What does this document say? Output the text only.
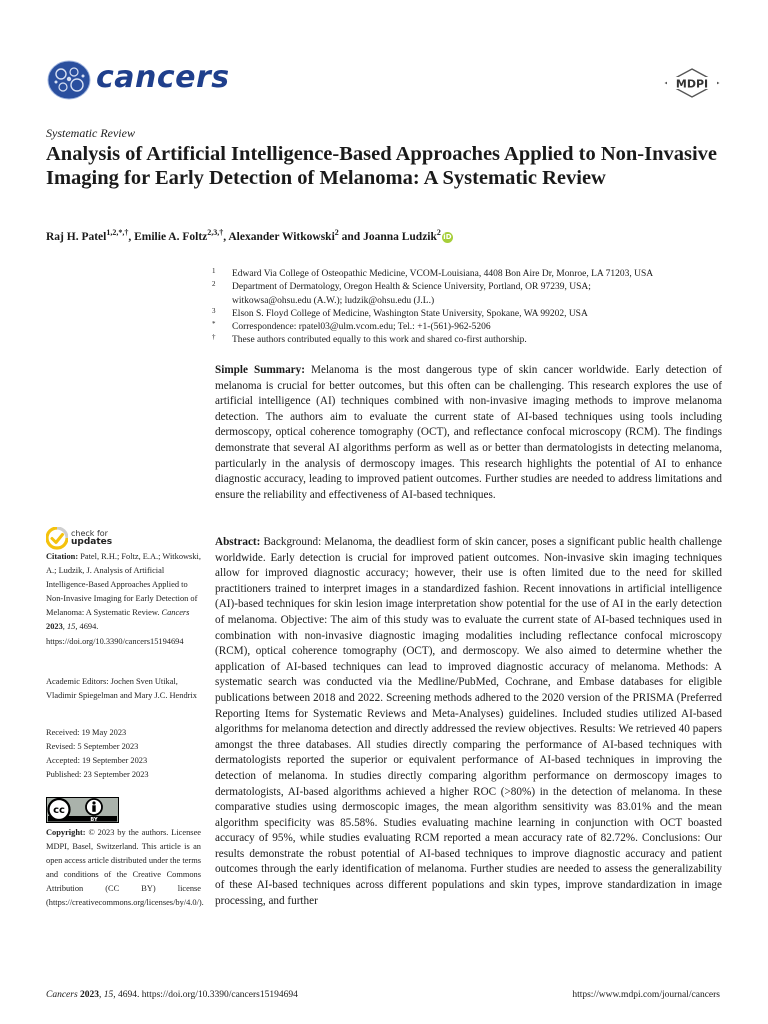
cancers	MDPI
Systematic Review
Analysis of Artificial Intelligence-Based Approaches Applied to Non-Invasive Imaging for Early Detection of Melanoma: A Systematic Review
Raj H. Patel$^{1,2,*,\dagger}$, Emilie A. Foltz$^{2,3,\dagger}$, Alexander Witkowski$^2$ and Joanna Ludzik$^2$ iD
1 Edward Via College of Osteopathic Medicine, VCOM-Louisiana, 4408 Bon Aire Dr, Monroe, LA 71203, USA
2 Department of Dermatology, Oregon Health & Science University, Portland, OR 97239, USA;
witkowsa@ohsu.edu (A.W.); ludzik@ohsu.edu (J.L.)
3 Elson S. Floyd College of Medicine, Washington State University, Spokane, WA 99202, USA
* Correspondence: rpatel03@ulm.vcom.edu; Tel.: +1-(561)-962-5206
† These authors contributed equally to this work and shared co-first authorship.

Simple Summary: Melanoma is the most dangerous type of skin cancer worldwide. Early detection of melanoma is crucial for better outcomes, but this often can be challenging. This research explores the use of artificial intelligence (AI) techniques combined with non-invasive imaging methods to improve melanoma detection. The authors aim to evaluate the current state of AI-based techniques using tools including dermoscopy, optical coherence tomography (OCT), and reflectance confocal microscopy (RCM). The findings demonstrate that several AI algorithms perform as well as or better than dermatologists in detecting melanoma, particularly in the analysis of dermoscopy images. This research highlights the potential of AI to enhance diagnostic accuracy, leading to improved patient outcomes. Further studies are needed to address limitations and ensure the reliability and effectiveness of AI-based techniques.

check for
updates
Citation: Patel, R.H.; Foltz, E.A.; Witkowski, A.; Ludzik, J. Analysis of Artificial Intelligence-Based Approaches Applied to Non-Invasive Imaging for Early Detection of Melanoma: A Systematic Review. Cancers 2023, 15, 4694. https://doi.org/10.3390/cancers15194694
Academic Editors: Jochen Sven Utikal, Vladimir Spiegelman and Mary J.C. Hendrix
Received: 19 May 2023
Revised: 5 September 2023
Accepted: 19 September 2023
Published: 23 September 2023
cc
BY
Copyright: © 2023 by the authors. Licensee MDPI, Basel, Switzerland. This article is an open access article distributed under the terms and conditions of the Creative Commons Attribution (CC BY) license (https://creativecommons.org/licenses/by/4.0/).

Abstract: Background: Melanoma, the deadliest form of skin cancer, poses a significant public health challenge worldwide. Early detection is crucial for improved patient outcomes. Non-invasive skin imaging techniques allow for improved diagnostic accuracy; however, their use is often limited due to the need for skilled practitioners trained to interpret images in a standardized fashion. Recent innovations in artificial intelligence (AI)-based techniques for skin lesion image interpretation show potential for the use of AI in the early detection of melanoma. Objective: The aim of this study was to evaluate the current state of AI-based techniques used in combination with non-invasive diagnostic imaging modalities including reflectance confocal microscopy (RCM), optical coherence tomography (OCT), and dermoscopy. We also aimed to determine whether the application of AI-based techniques can lead to improved diagnostic accuracy of melanoma. Methods: A systematic search was conducted via the Medline/PubMed, Cochrane, and Embase databases for eligible publications between 2018 and 2022. Screening methods adhered to the 2020 version of the PRISMA (Preferred Reporting Items for Systematic Reviews and Meta-Analyses) guidelines. Included studies utilized AI-based algorithms for melanoma detection and directly addressed the review objectives. Results: We retrieved 40 papers amongst the three databases. All studies directly comparing the performance of AI-based techniques with dermatologists reported the superior or equivalent performance of AI-based techniques in improving the detection of melanoma. In studies directly comparing algorithm performance on dermoscopy images to dermatologists, AI-based algorithms achieved a higher ROC (>80%) in the detection of melanoma. In these comparative studies using dermoscopic images, the mean algorithm sensitivity was 83.01% and the mean algorithm specificity was 85.58%. Studies evaluating machine learning in conjunction with OCT boasted accuracy of 95%, while studies evaluating RCM reported a mean accuracy rate of 82.72%. Conclusions: Our results demonstrate the robust potential of AI-based techniques to improve diagnostic accuracy and patient outcomes through the early identification of melanoma. Further studies are needed to assess the generalizability of these AI-based techniques across different populations and skin types, improve standardization in image processing, and further

Cancers 2023, 15, 4694. https://doi.org/10.3390/cancers15194694	https://www.mdpi.com/journal/cancers
